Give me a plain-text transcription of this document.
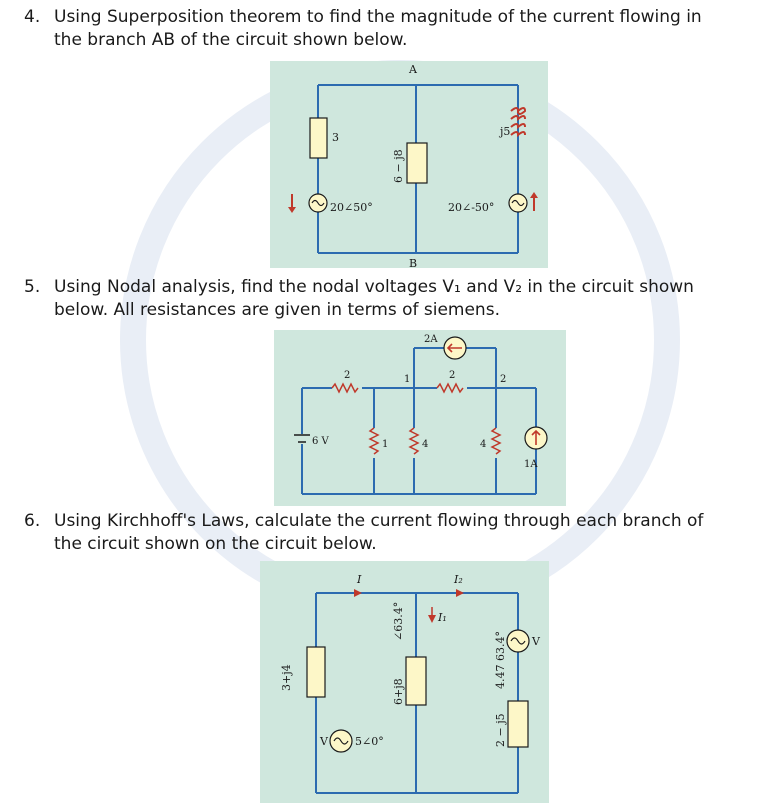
4. Using Superposition theorem to find the magnitude of the current flowing in
the branch AB of the circuit shown below.
A
B
3	j5
20∠50°	20∠-50°
6 − j8
5. Using Nodal analysis, find the nodal voltages V₁ and V₂ in the circuit shown
below. All resistances are given in terms of siemens.
2A
2	2
1	2
6 V	1	4	4
1A
6. Using Kirchhoff's Laws, calculate the current flowing through each branch of
the circuit shown on the circuit below.
I	I₂
I₁
3+j4
6+j8
∠63.4°
2 − j5
4.47 63.4°
V 5∠0°
V
